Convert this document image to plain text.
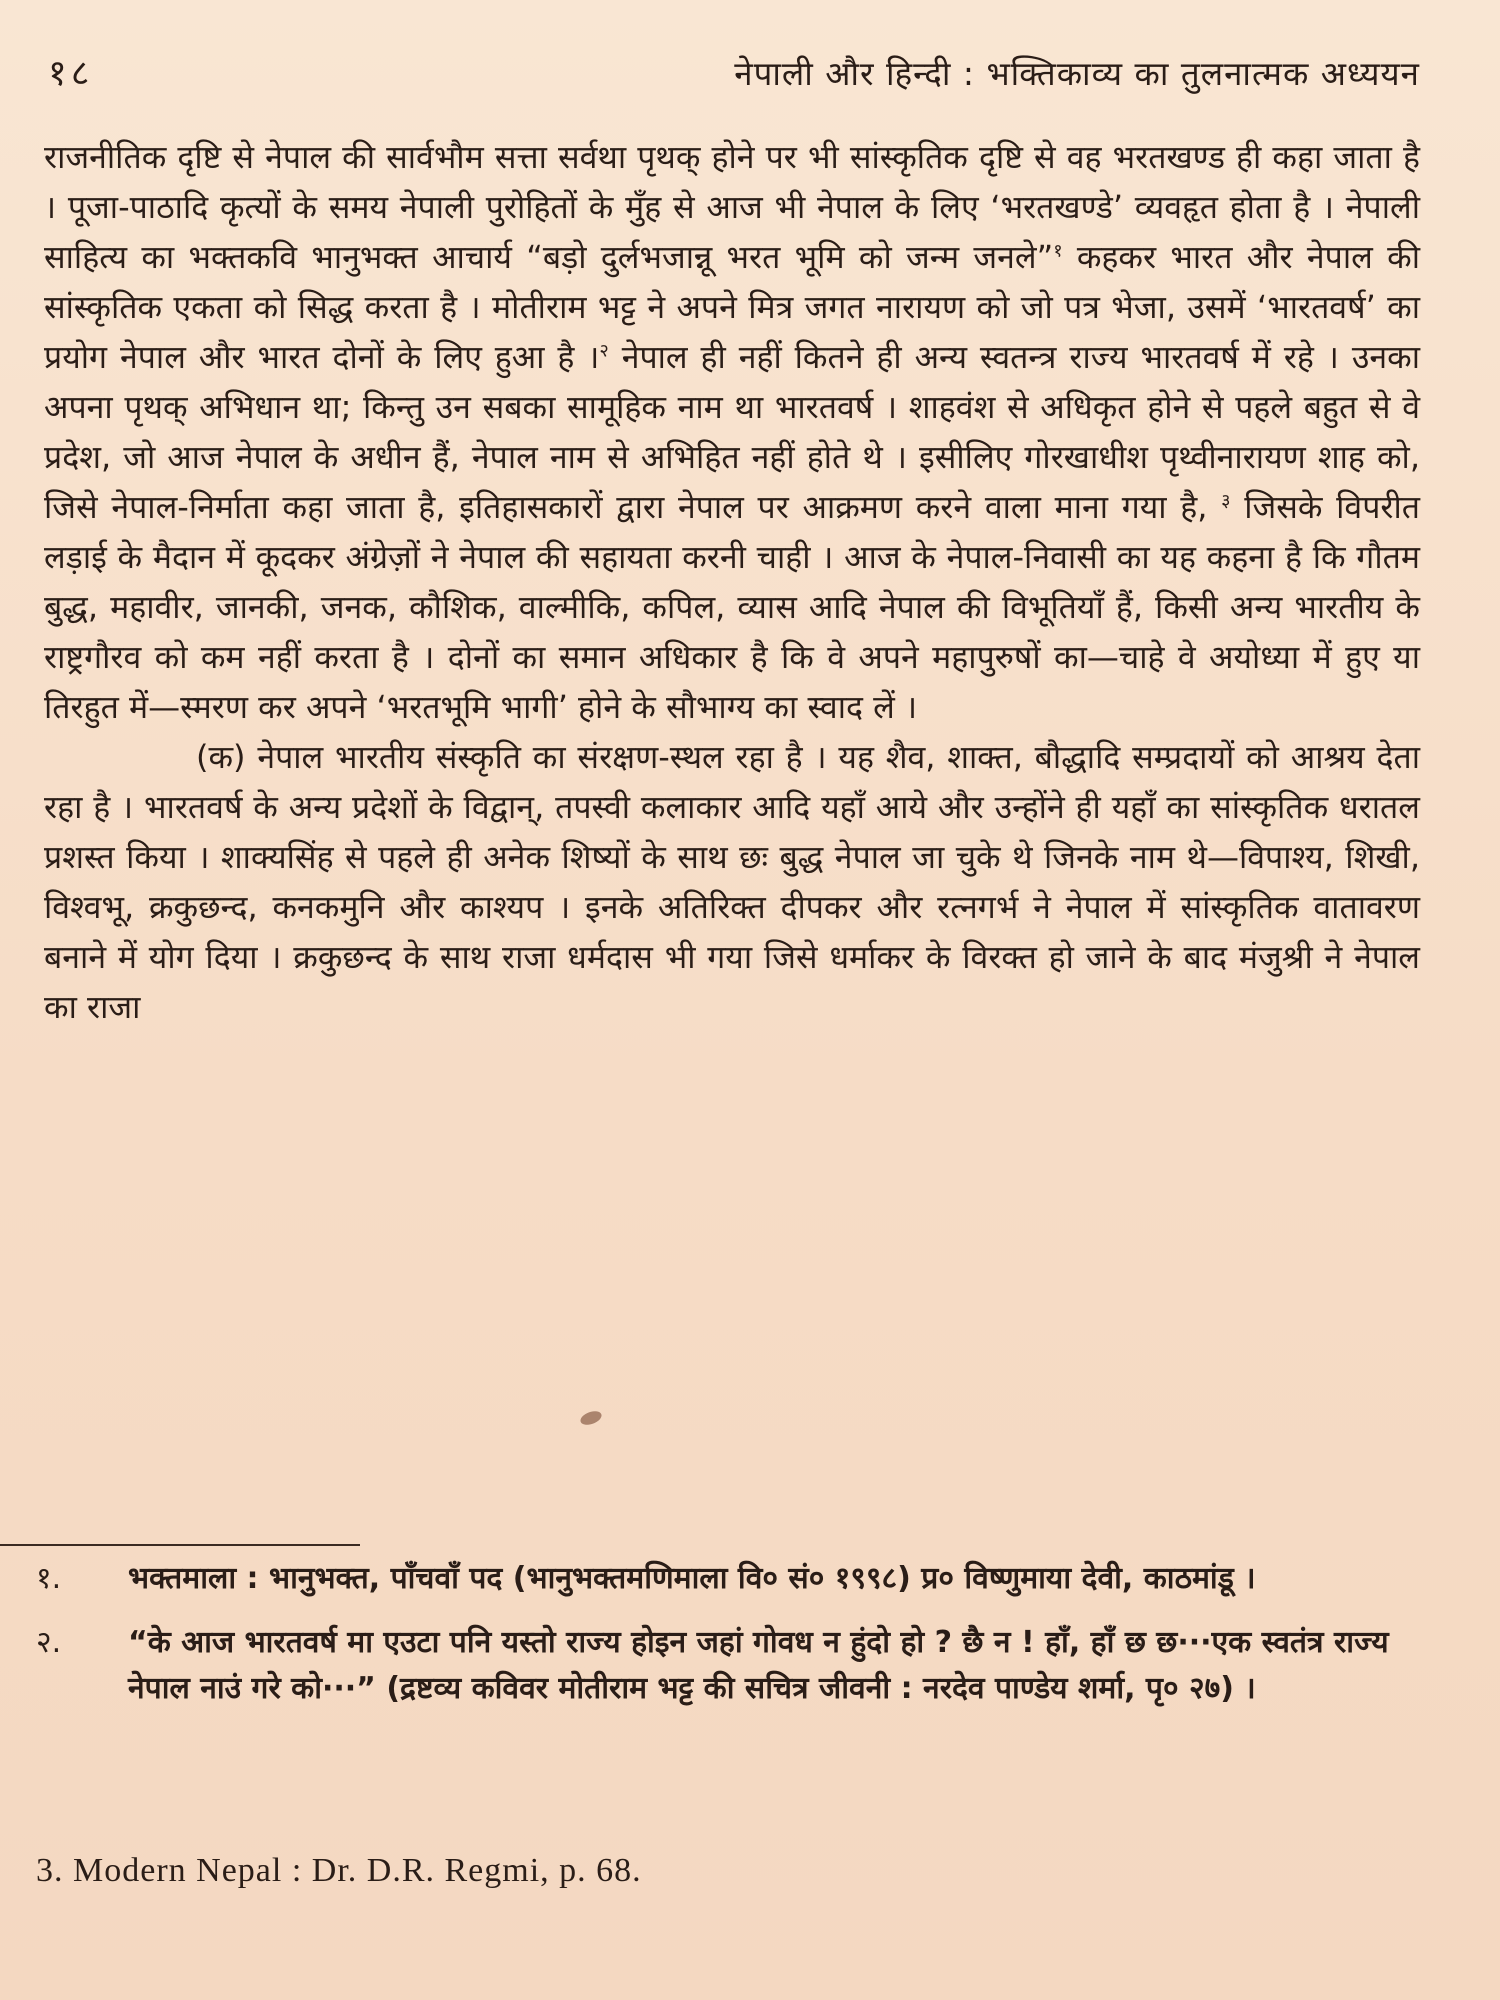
१८	नेपाली और हिन्दी : भक्तिकाव्य का तुलनात्मक अध्ययन

राजनीतिक दृष्टि से नेपाल की सार्वभौम सत्ता सर्वथा पृथक् होने पर भी सांस्कृतिक दृष्टि से वह भरतखण्ड ही कहा जाता है । पूजा-पाठादि कृत्यों के समय नेपाली पुरोहितों के मुँह से आज भी नेपाल के लिए ‘भरतखण्डे’ व्यवहृत होता है । नेपाली साहित्य का भक्तकवि भानुभक्त आचार्य “बड़ो दुर्लभजान्नू भरत भूमि को जन्म जनले”$^१$ कहकर भारत और नेपाल की सांस्कृतिक एकता को सिद्ध करता है । मोतीराम भट्ट ने अपने मित्र जगत नारायण को जो पत्र भेजा, उसमें ‘भारतवर्ष’ का प्रयोग नेपाल और भारत दोनों के लिए हुआ है ।$^२$ नेपाल ही नहीं कितने ही अन्य स्वतन्त्र राज्य भारतवर्ष में रहे । उनका अपना पृथक् अभिधान था; किन्तु उन सबका सामूहिक नाम था भारतवर्ष । शाहवंश से अधिकृत होने से पहले बहुत से वे प्रदेश, जो आज नेपाल के अधीन हैं, नेपाल नाम से अभिहित नहीं होते थे । इसीलिए गोरखाधीश पृथ्वीनारायण शाह को, जिसे नेपाल-निर्माता कहा जाता है, इतिहासकारों द्वारा नेपाल पर आक्रमण करने वाला माना गया है, $^३$ जिसके विपरीत लड़ाई के मैदान में कूदकर अंग्रेज़ों ने नेपाल की सहायता करनी चाही । आज के नेपाल-निवासी का यह कहना है कि गौतम बुद्ध, महावीर, जानकी, जनक, कौशिक, वाल्मीकि, कपिल, व्यास आदि नेपाल की विभूतियाँ हैं, किसी अन्य भारतीय के राष्ट्रगौरव को कम नहीं करता है । दोनों का समान अधिकार है कि वे अपने महापुरुषों का—चाहे वे अयोध्या में हुए या तिरहुत में—स्मरण कर अपने ‘भरतभूमि भागी’ होने के सौभाग्य का स्वाद लें ।

(क) नेपाल भारतीय संस्कृति का संरक्षण-स्थल रहा है । यह शैव, शाक्त, बौद्धादि सम्प्रदायों को आश्रय देता रहा है । भारतवर्ष के अन्य प्रदेशों के विद्वान्, तपस्वी कलाकार आदि यहाँ आये और उन्होंने ही यहाँ का सांस्कृतिक धरातल प्रशस्त किया । शाक्यसिंह से पहले ही अनेक शिष्यों के साथ छः बुद्ध नेपाल जा चुके थे जिनके नाम थे—विपाश्य, शिखी, विश्वभू, क्रकुछन्द, कनकमुनि और काश्यप । इनके अतिरिक्त दीपकर और रत्नगर्भ ने नेपाल में सांस्कृतिक वातावरण बनाने में योग दिया । क्रकुछन्द के साथ राजा धर्मदास भी गया जिसे धर्माकर के विरक्त हो जाने के बाद मंजुश्री ने नेपाल का राजा

१. भक्तमाला : भानुभक्त, पाँचवाँ पद (भानुभक्तमणिमाला वि० सं० १९९८) प्र० विष्णुमाया देवी, काठमांडू ।
२. “के आज भारतवर्ष मा एउटा पनि यस्तो राज्य होइन जहां गोवध न हुंदो हो ? छै न ! हाँ, हाँ छ छ···एक स्वतंत्र राज्य नेपाल नाउं गरे को···” (द्रष्टव्य कविवर मोतीराम भट्ट की सचित्र जीवनी : नरदेव पाण्डेय शर्मा, पृ० २७) ।
3. Modern Nepal : Dr. D.R. Regmi, p. 68.
